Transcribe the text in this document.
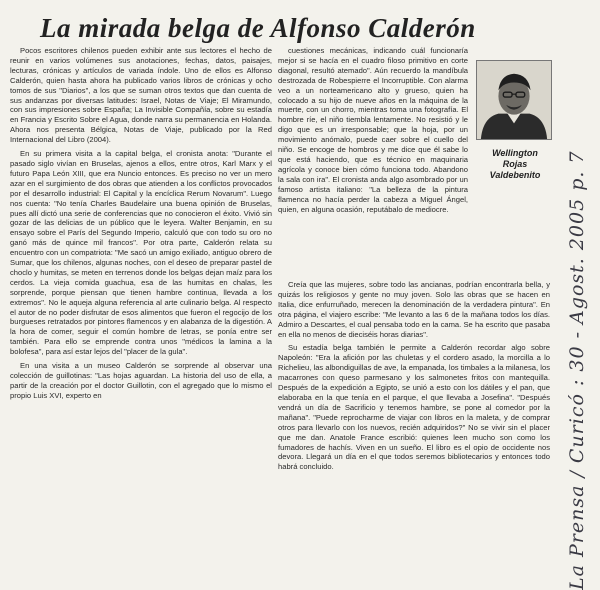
La mirada belga de Alfonso Calderón

Pocos escritores chilenos pueden exhibir ante sus lectores el hecho de reunir en varios volúmenes sus anotaciones, fechas, datos, paisajes, lecturas, crónicas y artículos de variada índole. Uno de ellos es Alfonso Calderón, quien hasta ahora ha publicado varios libros de crónicas y ocho tomos de sus "Diarios", a los que se suman otros textos que dan cuenta de sus andanzas por diversas latitudes: Israel, Notas de Viaje; El Miramundo, con sus impresiones sobre España; La Invisible Compañía, sobre su estadía en Francia y Escrito Sobre el Agua, donde narra su permanencia en Holanda. Ahora nos presenta Bélgica, Notas de Viaje, publicado por la Red Internacional del Libro (2004).

En su primera visita a la capital belga, el cronista anota: "Durante el pasado siglo vivían en Bruselas, ajenos a ellos, entre otros, Karl Marx y el futuro Papa León XIII, que era Nuncio entonces. Es preciso no ver un mero azar en el surgimiento de dos obras que atienden a los conflictos provocados por el desarrollo industrial: El Capital y la encíclica Rerum Novarum". Luego nos cuenta: "No tenía Charles Baudelaire una buena opinión de Bruselas, pues allí dictó una serie de conferencias que no conocieron el éxito. Vivió sin gozar de las delicias de un público que le leyera. Walter Benjamin, en su ensayo sobre el París del Segundo Imperio, calculó que con todo su oro no ganó más de quince mil francos". Por otra parte, Calderón relata su encuentro con un compatriota: "Me sacó un amigo exiliado, antiguo obrero de Sumar, que los chilenos, algunas noches, con el deseo de preparar pastel de choclo y humitas, se meten en terrenos donde los belgas dejan maíz para los cerdos. La vieja comida guachua, esa de las humitas en chalas, les sorprende, porque piensan que tienen hambre continua, llevada a los extremos". No le aqueja alguna referencia al arte culinario belga. Al respecto el autor de no poder disfrutar de esos alimentos que fueron el regocijo de los burgueses retratados por pintores flamencos y en alabanza de la digestión. A la hora de comer, seguir el común hombre de letras, se ponía entre ser también. Para ello se emprende contra unos "médicos la lamina a la bolofesa", para así estar lejos del "placer de la gula".

En una visita a un museo Calderón se sorprende al observar una colección de guillotinas: "Las hojas aguardan. La historia del uso de ella, a partir de la creación por el doctor Guillotin, con el agregado que lo mismo el propio Luis XVI, experto en

cuestiones mecánicas, indicando cuál funcionaría mejor si se hacía en el cuadro filoso primitivo en corte diagonal, resultó atemado". Aún recuerdo la mandíbula destrozada de Robespierre el Incorruptible. Con alarma veo a un norteamericano alto y grueso, quien ha colocado a su hijo de nueve años en la máquina de la muerte, con un chorro, mientras toma una fotografía. El hombre ríe, el niño tiembla lentamente. No resistió y le digo que es un irresponsable; que la hoja, por un movimiento anómalo, puede caer sobre el cuello del niño. Se encoge de hombros y me dice que él sabe lo que está haciendo, que es técnico en maquinaria agrícola y conoce bien cómo funciona todo. Abandono la sala con ira". El cronista anda algo asombrado por un famoso artista italiano: "La belleza de la pintura flamenca no hacía perder la cabeza a Miguel Ángel, quien, en alguna ocasión, reputábalo de mediocre.

Wellington
Rojas
Valdebenito

Creía que las mujeres, sobre todo las ancianas, podrían encontrarla bella, y quizás los religiosos y gente no muy joven. Solo las obras que se hacen en Italia, dice enfurruñado, merecen la denominación de la verdadera pintura". En otra página, el viajero escribe: "Me levanto a las 6 de la mañana todos los días. Admiro a Descartes, el cual pensaba todo en la cama. Se ha escrito que pasaba en ella no menos de dieciséis horas diarias".

Su estadía belga también le permite a Calderón recordar algo sobre Napoleón: "Era la afición por las chuletas y el cordero asado, la morcilla a lo Richelieu, las albondiguillas de ave, la empanada, los timbales a la milanesa, los macarrones con queso parmesano y los salmonetes fritos con mantequilla. Después de la expedición a Egipto, se unió a esto con los dátiles y el pan, que elaboraba en la que tenía en el parque, el que llevaba a Josefina". "Después vendrá un día de Sacrificio y tenemos hambre, se pone al comedor por la mañana". "Puede reprocharme de viajar con libros en la maleta, y de comprar otros para llevarlo con los nuevos, recién adquiridos?" No se vivir sin el placer que me dan. Anatole France escribió: quienes leen mucho son como los fumadores de hachís. Viven en un sueño. El libro es el opio de occidente nos devora. Llegará un día en el que todos seremos bibliotecarios y entonces todo habrá concluido.	La Prensa / Curicó : 30 - Agost. 2005 p. 7
